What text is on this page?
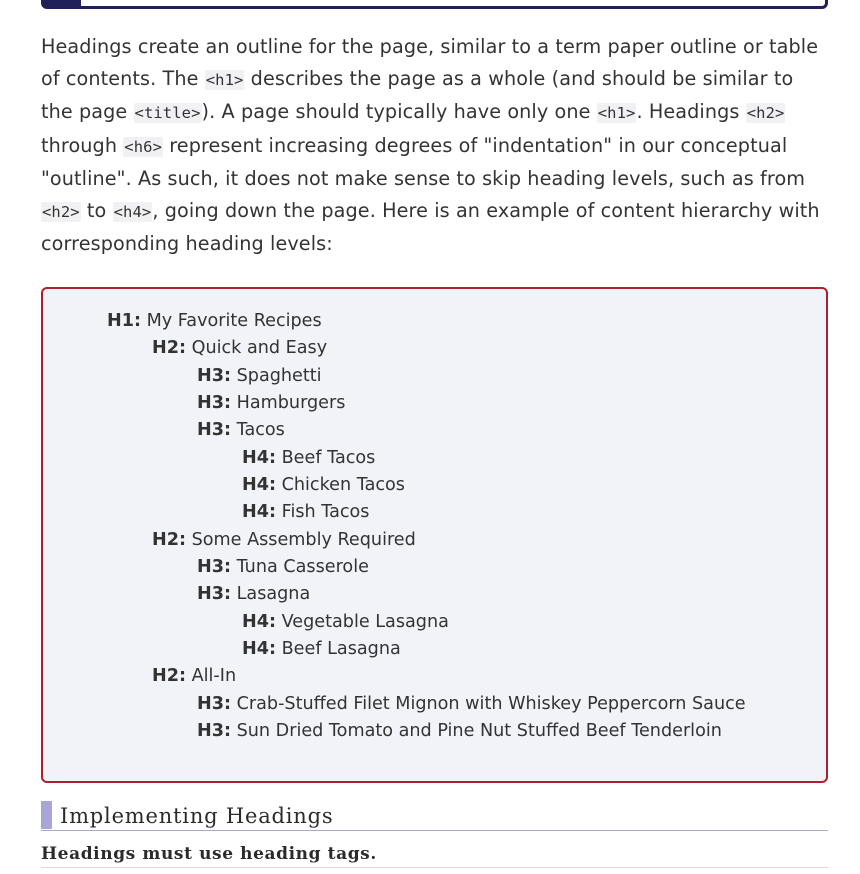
Headings create an outline for the page, similar to a term paper outline or table of contents. The <h1> describes the page as a whole (and should be similar to the page <title>). A page should typically have only one <h1>. Headings <h2> through <h6> represent increasing degrees of "indentation" in our conceptual "outline". As such, it does not make sense to skip heading levels, such as from <h2> to <h4>, going down the page. Here is an example of content hierarchy with corresponding heading levels:

H1: My Favorite Recipes
H2: Quick and Easy
H3: Spaghetti
H3: Hamburgers
H3: Tacos
H4: Beef Tacos
H4: Chicken Tacos
H4: Fish Tacos
H2: Some Assembly Required
H3: Tuna Casserole
H3: Lasagna
H4: Vegetable Lasagna
H4: Beef Lasagna
H2: All-In
H3: Crab-Stuffed Filet Mignon with Whiskey Peppercorn Sauce
H3: Sun Dried Tomato and Pine Nut Stuffed Beef Tenderloin
Implementing Headings
Headings must use heading tags.
